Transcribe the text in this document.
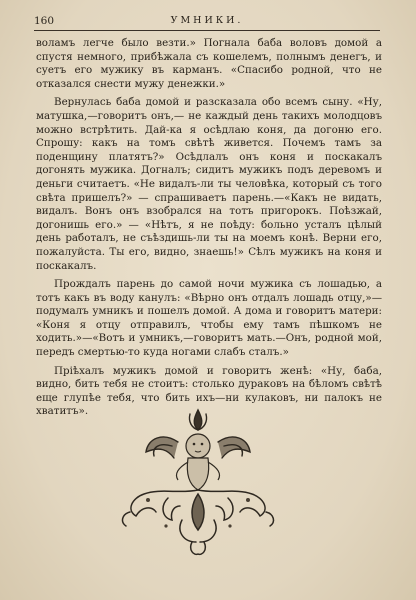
160	УМНИКИ.

воламъ легче было везти.» Погнала баба воловъ домой а спустя немного, прибѣжала съ кошелемъ, полнымъ денегъ, и суетъ его мужику въ карманъ. «Спасибо родной, что не отказался снести мужу денежки.»

Вернулась баба домой и разсказала обо всемъ сыну. «Ну, матушка,—говоритъ онъ,— не каждый день такихъ молодцовъ можно встрѣтить. Дай-ка я осѣдлаю коня, да догоню его. Спрошу: какъ на томъ свѣтѣ живется. Почемъ тамъ за поденщину платятъ?» Осѣдлалъ онъ коня и поскакалъ догонять мужика. Догналъ; сидитъ мужикъ подъ деревомъ и деньги считаетъ. «Не видалъ-ли ты человѣка, который съ того свѣта пришелъ?» — спрашиваетъ парень.—«Какъ не видать, видалъ. Вонъ онъ взобрался на тотъ пригорокъ. Поѣзжай, догонишь его.» — «Нѣтъ, я не поѣду: больно усталъ цѣлый день работалъ, не съѣздишь-ли ты на моемъ конѣ. Верни его, пожалуйста. Ты его, видно, знаешь!» Сѣлъ мужикъ на коня и поскакалъ.

Прождалъ парень до самой ночи мужика съ лошадью, а тотъ какъ въ воду канулъ: «Вѣрно онъ отдалъ лошадь отцу,»—подумалъ умникъ и пошелъ домой. А дома и говоритъ матери: «Коня я отцу отправилъ, чтобы ему тамъ пѣшкомъ не ходить.»—«Вотъ и умникъ,—говоритъ мать.—Онъ, родной мой, передъ смертью-то куда ногами слабъ сталъ.»

Пріѣхалъ мужикъ домой и говоритъ женѣ: «Ну, баба, видно, бить тебя не стоитъ: столько дураковъ на бѣломъ свѣтѣ еще глупѣе тебя, что бить ихъ—ни кулаковъ, ни палокъ не хватитъ».
